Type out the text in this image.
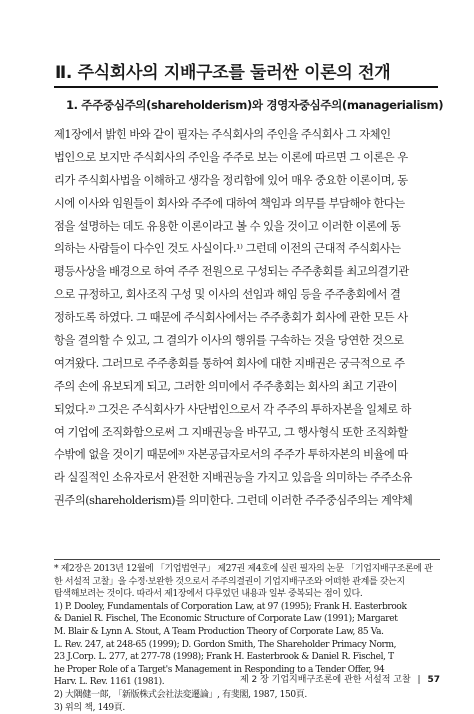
Ⅱ. 주식회사의 지배구조를 둘러싼 이론의 전개
1. 주주중심주의(shareholderism)와 경영자중심주의(managerialism)
제1장에서 밝힌 바와 같이 필자는 주식회사의 주인을 주식회사 그 자체인
법인으로 보지만 주식회사의 주인을 주주로 보는 이론에 따르면 그 이론은 우
리가 주식회사법을 이해하고 생각을 정리함에 있어 매우 중요한 이론이며, 동
시에 이사와 임원들이 회사와 주주에 대하여 책임과 의무를 부담해야 한다는
점을 설명하는 데도 유용한 이론이라고 볼 수 있을 것이고 이러한 이론에 동
의하는 사람들이 다수인 것도 사실이다.¹⁾ 그런데 이전의 근대적 주식회사는
평등사상을 배경으로 하여 주주 전원으로 구성되는 주주총회를 최고의결기관
으로 규정하고, 회사조직 구성 및 이사의 선임과 해임 등을 주주총회에서 결
정하도록 하였다. 그 때문에 주식회사에서는 주주총회가 회사에 관한 모든 사
항을 결의할 수 있고, 그 결의가 이사의 행위를 구속하는 것을 당연한 것으로
여겨왔다. 그러므로 주주총회를 통하여 회사에 대한 지배권은 궁극적으로 주
주의 손에 유보되게 되고, 그러한 의미에서 주주총회는 회사의 최고 기관이
되었다.²⁾ 그것은 주식회사가 사단법인으로서 각 주주의 투하자본을 일체로 하
여 기업에 조직화함으로써 그 지배권능을 바꾸고, 그 행사형식 또한 조직화할
수밖에 없을 것이기 때문에³⁾ 자본공급자로서의 주주가 투하자본의 비율에 따
라 실질적인 소유자로서 완전한 지배권능을 가지고 있음을 의미하는 주주소유
권주의(shareholderism)를 의미한다. 그런데 이러한 주주중심주의는 계약체
* 제2장은 2013년 12월에 「기업법연구」 제27권 제4호에 실린 필자의 논문 「기업지배구조론에 관
한 서설적 고찰」을 수정·보완한 것으로서 주주의결권이 기업지배구조와 어떠한 관계를 갖는지
탐색해보려는 것이다. 따라서 제1장에서 다루었던 내용과 일부 중복되는 점이 있다.
1) P. Dooley, Fundamentals of Corporation Law, at 97 (1995); Frank H. Easterbrook
& Daniel R. Fischel, The Economic Structure of Corporate Law (1991); Margaret
M. Blair & Lynn A. Stout, A Team Production Theory of Corporate Law, 85 Va.
L. Rev. 247, at 248-65 (1999); D. Gordon Smith, The Shareholder Primacy Norm,
23 J.Corp. L. 277, at 277-78 (1998); Frank H. Easterbrook & Daniel R. Fischel, T
he Proper Role of a Target's Management in Responding to a Tender Offer, 94
Harv. L. Rev. 1161 (1981).
2) 大隅健一郞, 「新版株式会社法変遷論」, 有斐閣, 1987, 150頁.
3) 위의 책, 149頁.
제 2 장 기업지배구조론에 관한 서설적 고찰 | 57
